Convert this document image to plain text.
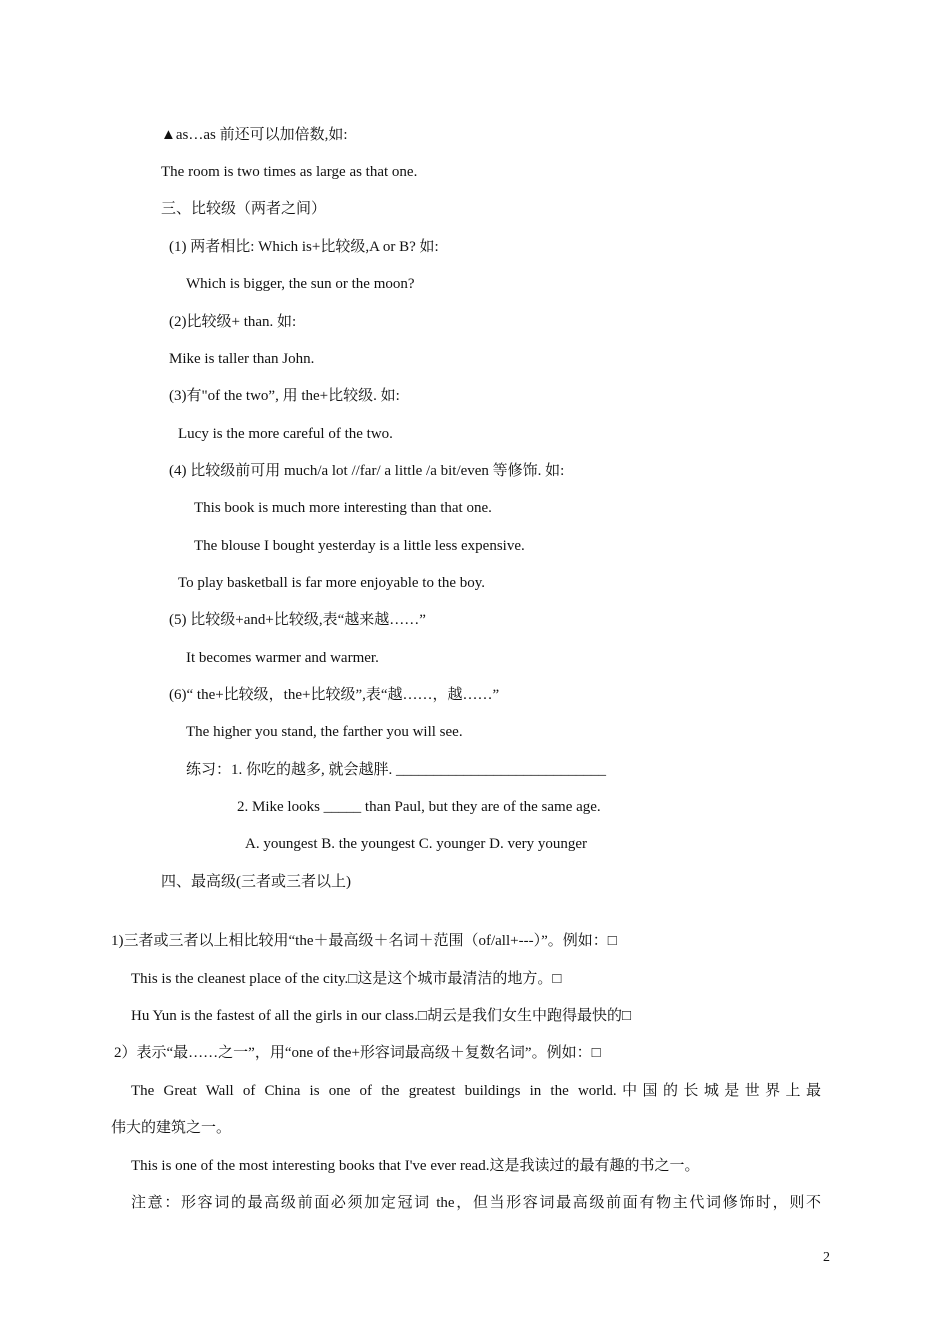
▲as…as 前还可以加倍数,如:
The room is two times as large as that one.
三、比较级（两者之间）
(1) 两者相比: Which is+比较级,A or B? 如:
Which is bigger, the sun or the moon?
(2)比较级+ than. 如:
Mike is taller than John.
(3)有"of the two”, 用 the+比较级. 如:
Lucy is the more careful of the two.
(4) 比较级前可用 much/a lot //far/ a little /a bit/even 等修饰. 如:
This book is much more interesting than that one.
The blouse I bought yesterday is a little less expensive.
To play basketball is far more enjoyable to the boy.
(5) 比较级+and+比较级,表“越来越……”
It becomes warmer and warmer.
(6)“ the+比较级，the+比较级”,表“越……，越……”
The higher you stand, the farther you will see.
练习：1. 你吃的越多, 就会越胖. ____________________________
2. Mike looks _____ than Paul, but they are of the same age.
A. youngest B. the youngest C. younger D. very younger
四、最高级(三者或三者以上)
1)三者或三者以上相比较用“the＋最高级＋名词＋范围（of/all+---）”。例如：□
This is the cleanest place of the city.□这是这个城市最清洁的地方。□
Hu Yun is the fastest of all the girls in our class.□胡云是我们女生中跑得最快的□
2）表示“最……之一”，用“one of the+形容词最高级＋复数名词”。例如：□
The Great Wall of China is one of the greatest buildings in the world.中国的长城是世界上最
伟大的建筑之一。
This is one of the most interesting books that I've ever read.这是我读过的最有趣的书之一。
注意：形容词的最高级前面必须加定冠词 the，但当形容词最高级前面有物主代词修饰时，则不
2
